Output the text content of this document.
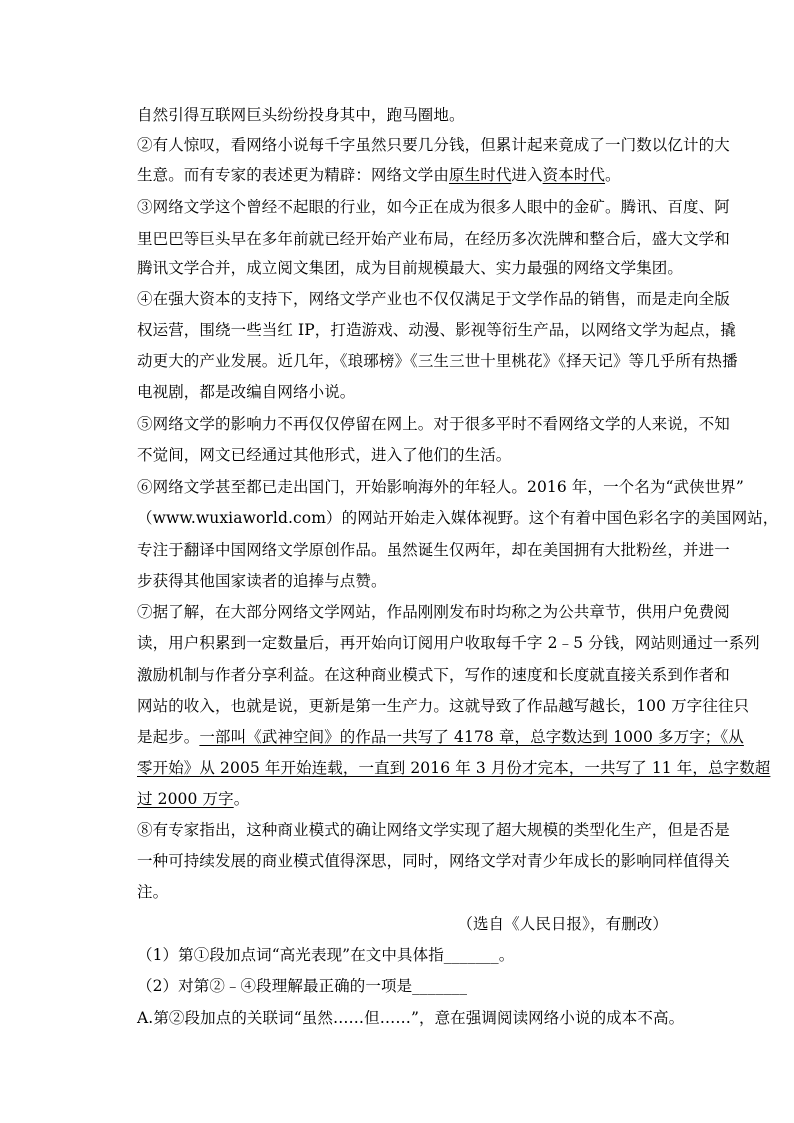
自然引得互联网巨头纷纷投身其中，跑马圈地。
②有人惊叹，看网络小说每千字虽然只要几分钱，但累计起来竟成了一门数以亿计的大
生意。而有专家的表述更为精辟：网络文学由原生时代进入资本时代。
③网络文学这个曾经不起眼的行业，如今正在成为很多人眼中的金矿。腾讯、百度、阿
里巴巴等巨头早在多年前就已经开始产业布局，在经历多次洗牌和整合后，盛大文学和
腾讯文学合并，成立阅文集团，成为目前规模最大、实力最强的网络文学集团。
④在强大资本的支持下，网络文学产业也不仅仅满足于文学作品的销售，而是走向全版
权运营，围绕一些当红 IP，打造游戏、动漫、影视等衍生产品，以网络文学为起点，撬
动更大的产业发展。近几年，《琅琊榜》《三生三世十里桃花》《择天记》等几乎所有热播
电视剧，都是改编自网络小说。
⑤网络文学的影响力不再仅仅停留在网上。对于很多平时不看网络文学的人来说，不知
不觉间，网文已经通过其他形式，进入了他们的生活。
⑥网络文学甚至都已走出国门，开始影响海外的年轻人。2016 年，一个名为“武侠世界”
（www.wuxiaworld.com）的网站开始走入媒体视野。这个有着中国色彩名字的美国网站，
专注于翻译中国网络文学原创作品。虽然诞生仅两年，却在美国拥有大批粉丝，并进一
步获得其他国家读者的追捧与点赞。
⑦据了解，在大部分网络文学网站，作品刚刚发布时均称之为公共章节，供用户免费阅
读，用户积累到一定数量后，再开始向订阅用户收取每千字 2﹣5 分钱，网站则通过一系列
激励机制与作者分享利益。在这种商业模式下，写作的速度和长度就直接关系到作者和
网站的收入，也就是说，更新是第一生产力。这就导致了作品越写越长，100 万字往往只
是起步。一部叫《武神空间》的作品一共写了 4178 章，总字数达到 1000 多万字；《从
零开始》从 2005 年开始连载，一直到 2016 年 3 月份才完本，一共写了 11 年，总字数超
过 2000 万字。
⑧有专家指出，这种商业模式的确让网络文学实现了超大规模的类型化生产，但是否是
一种可持续发展的商业模式值得深思，同时，网络文学对青少年成长的影响同样值得关
注。
（选自《人民日报》，有删改）
（1）第①段加点词“高光表现”在文中具体指_______。
（2）对第②﹣④段理解最正确的一项是_______
A.第②段加点的关联词“虽然……但……”，意在强调阅读网络小说的成本不高。
